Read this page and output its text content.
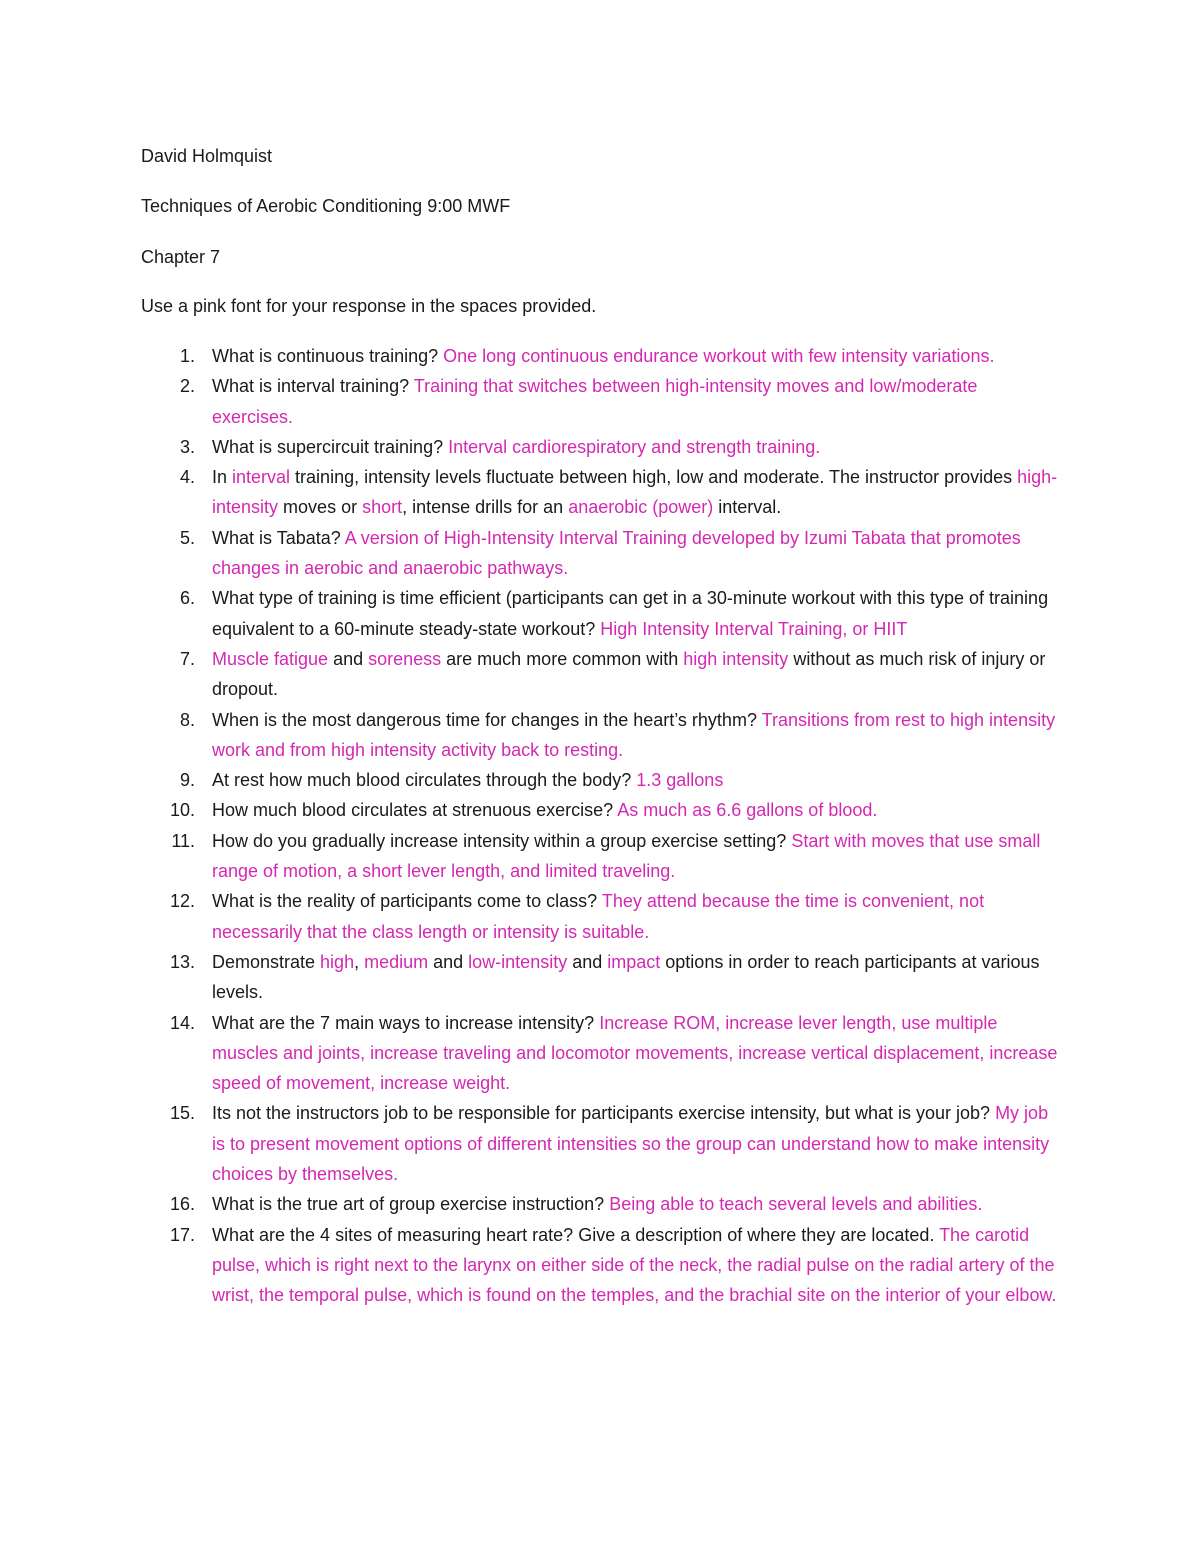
David Holmquist
Techniques of Aerobic Conditioning 9:00 MWF
Chapter 7
Use a pink font for your response in the spaces provided.
1. What is continuous training? One long continuous endurance workout with few intensity variations.
2. What is interval training? Training that switches between high-intensity moves and low/moderate exercises.
3. What is supercircuit training? Interval cardiorespiratory and strength training.
4. In interval training, intensity levels fluctuate between high, low and moderate. The instructor provides high-intensity moves or short, intense drills for an anaerobic (power) interval.
5. What is Tabata? A version of High-Intensity Interval Training developed by Izumi Tabata that promotes changes in aerobic and anaerobic pathways.
6. What type of training is time efficient (participants can get in a 30-minute workout with this type of training equivalent to a 60-minute steady-state workout? High Intensity Interval Training, or HIIT
7. Muscle fatigue and soreness are much more common with high intensity without as much risk of injury or dropout.
8. When is the most dangerous time for changes in the heart’s rhythm? Transitions from rest to high intensity work and from high intensity activity back to resting.
9. At rest how much blood circulates through the body? 1.3 gallons
10. How much blood circulates at strenuous exercise? As much as 6.6 gallons of blood.
11. How do you gradually increase intensity within a group exercise setting? Start with moves that use small range of motion, a short lever length, and limited traveling.
12. What is the reality of participants come to class? They attend because the time is convenient, not necessarily that the class length or intensity is suitable.
13. Demonstrate high, medium and low-intensity and impact options in order to reach participants at various levels.
14. What are the 7 main ways to increase intensity? Increase ROM, increase lever length, use multiple muscles and joints, increase traveling and locomotor movements, increase vertical displacement, increase speed of movement, increase weight.
15. Its not the instructors job to be responsible for participants exercise intensity, but what is your job? My job is to present movement options of different intensities so the group can understand how to make intensity choices by themselves.
16. What is the true art of group exercise instruction? Being able to teach several levels and abilities.
17. What are the 4 sites of measuring heart rate? Give a description of where they are located. The carotid pulse, which is right next to the larynx on either side of the neck, the radial pulse on the radial artery of the wrist, the temporal pulse, which is found on the temples, and the brachial site on the interior of your elbow.
